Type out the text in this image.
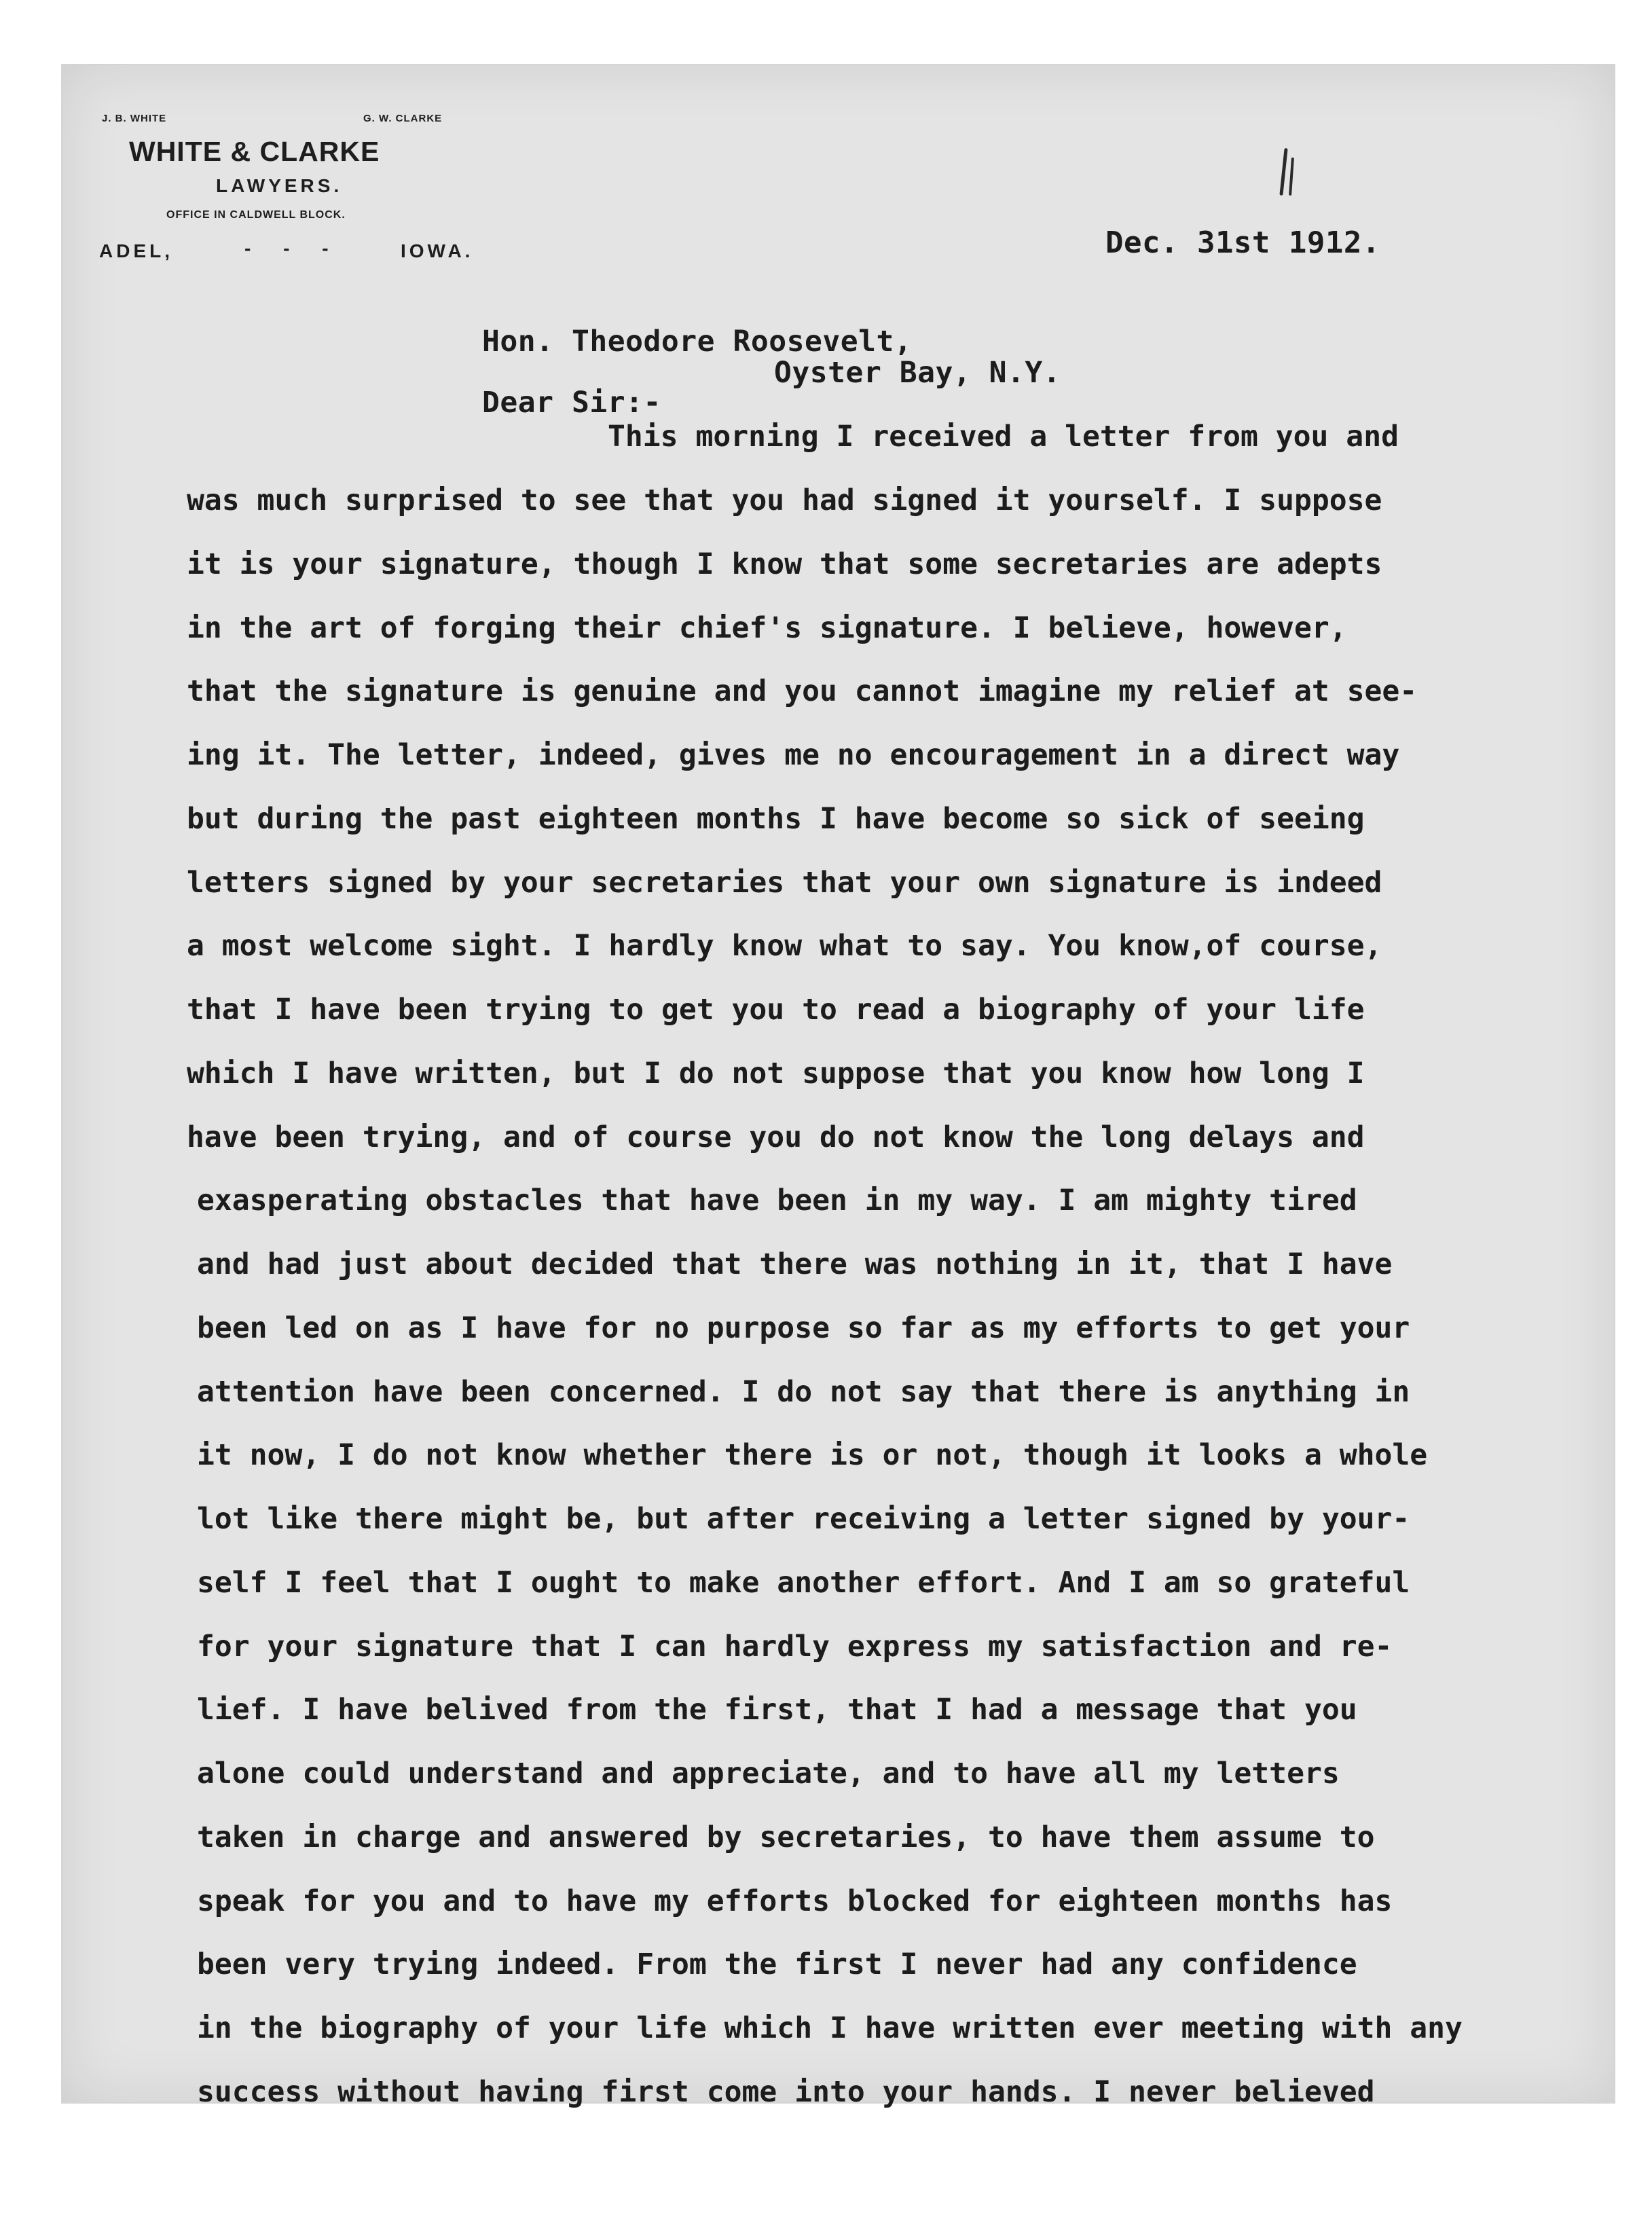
J. B. WHITE	G. W. CLARKE
WHITE & CLARKE
LAWYERS.
OFFICE IN CALDWELL BLOCK.
ADEL,	- - -	IOWA.	Dec. 31st 1912.
Hon. Theodore Roosevelt,
Oyster Bay, N.Y.
Dear Sir:-
This morning I received a letter from you and
was much surprised to see that you had signed it yourself. I suppose
it is your signature, though I know that some secretaries are adepts
in the art of forging their chief's signature. I believe, however,
that the signature is genuine and you cannot imagine my relief at see-
ing it. The letter, indeed, gives me no encouragement in a direct way
but during the past eighteen months I have become so sick of seeing
letters signed by your secretaries that your own signature is indeed
a most welcome sight. I hardly know what to say. You know,of course,
that I have been trying to get you to read a biography of your life
which I have written, but I do not suppose that you know how long I
have been trying, and of course you do not know the long delays and
exasperating obstacles that have been in my way. I am mighty tired
and had just about decided that there was nothing in it, that I have
been led on as I have for no purpose so far as my efforts to get your
attention have been concerned. I do not say that there is anything in
it now, I do not know whether there is or not, though it looks a whole
lot like there might be, but after receiving a letter signed by your-
self I feel that I ought to make another effort. And I am so grateful
for your signature that I can hardly express my satisfaction and re-
lief. I have belived from the first, that I had a message that you
alone could understand and appreciate, and to have all my letters
taken in charge and answered by secretaries, to have them assume to
speak for you and to have my efforts blocked for eighteen months has
been very trying indeed. From the first I never had any confidence
in the biography of your life which I have written ever meeting with any
success without having first come into your hands. I never believed
